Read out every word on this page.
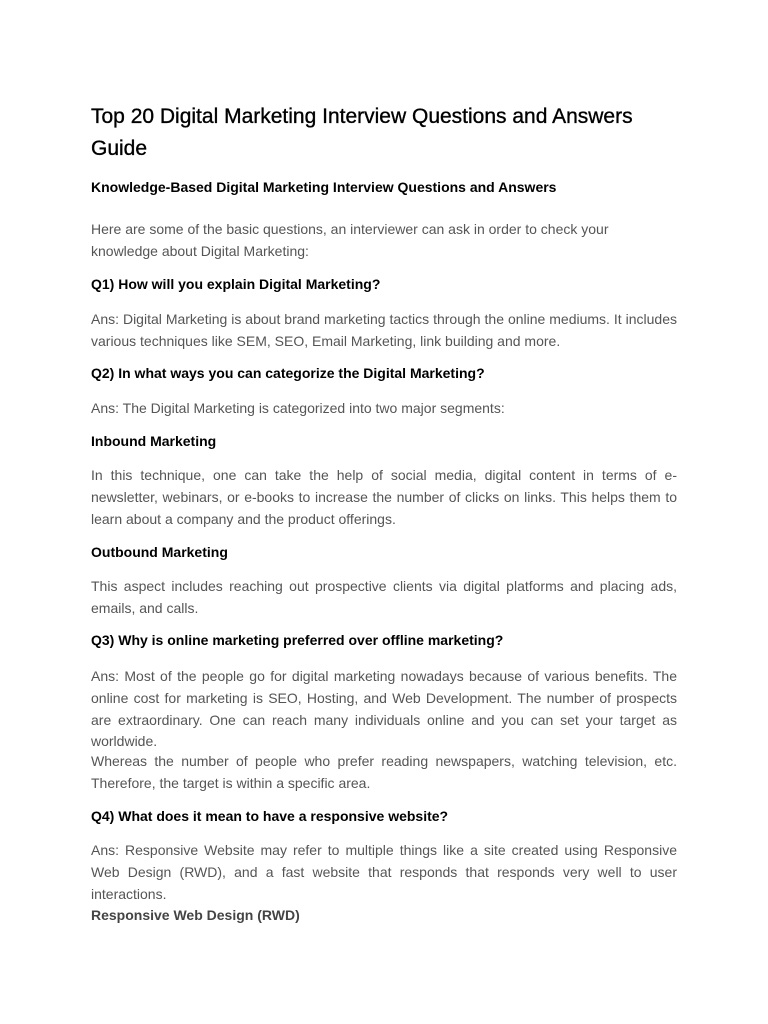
Top 20 Digital Marketing Interview Questions and Answers Guide
Knowledge-Based Digital Marketing Interview Questions and Answers

Here are some of the basic questions, an interviewer can ask in order to check your knowledge about Digital Marketing:

Q1) How will you explain Digital Marketing?

Ans: Digital Marketing is about brand marketing tactics through the online mediums. It includes various techniques like SEM, SEO, Email Marketing, link building and more.

Q2) In what ways you can categorize the Digital Marketing?

Ans: The Digital Marketing is categorized into two major segments:

Inbound Marketing

In this technique, one can take the help of social media, digital content in terms of e-newsletter, webinars, or e-books to increase the number of clicks on links. This helps them to learn about a company and the product offerings.

Outbound Marketing

This aspect includes reaching out prospective clients via digital platforms and placing ads, emails, and calls.

Q3) Why is online marketing preferred over offline marketing?

Ans: Most of the people go for digital marketing nowadays because of various benefits. The online cost for marketing is SEO, Hosting, and Web Development. The number of prospects are extraordinary. One can reach many individuals online and you can set your target as worldwide.

Whereas the number of people who prefer reading newspapers, watching television, etc. Therefore, the target is within a specific area.

Q4) What does it mean to have a responsive website?

Ans: Responsive Website may refer to multiple things like a site created using Responsive Web Design (RWD), and a fast website that responds that responds very well to user interactions.

Responsive Web Design (RWD)
